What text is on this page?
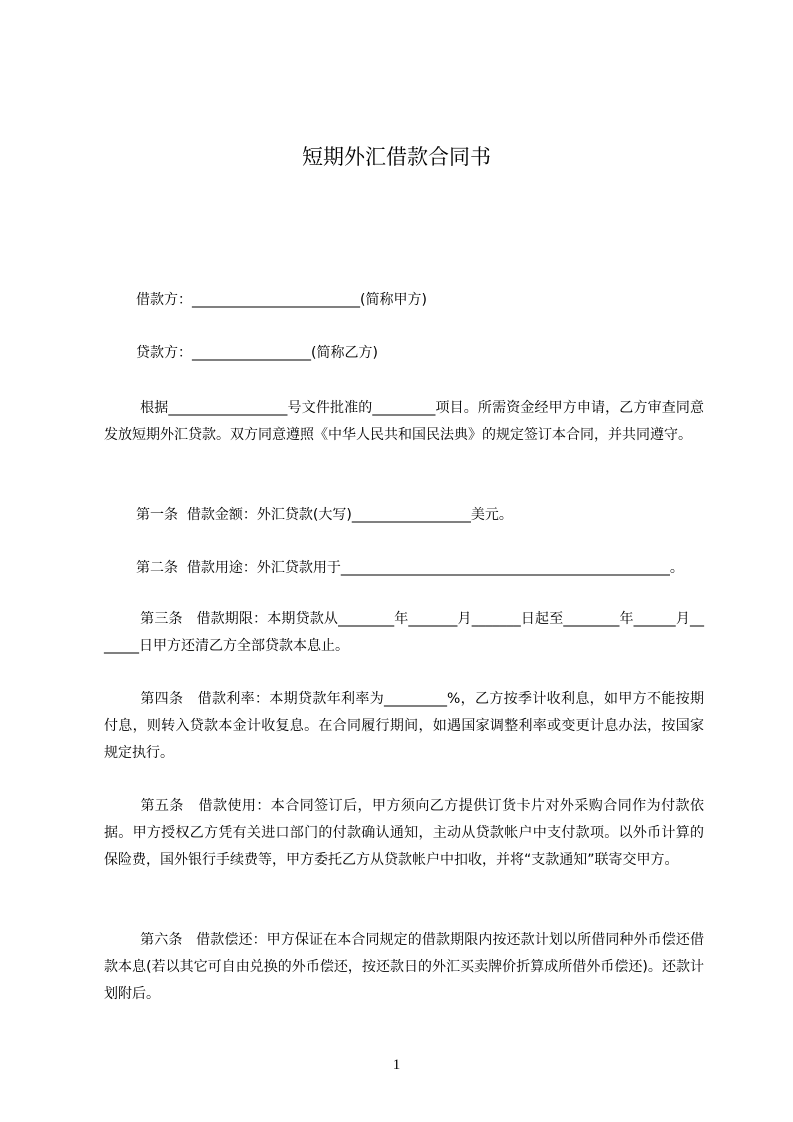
短期外汇借款合同书
借款方：________________________(简称甲方)
贷款方：_________________(简称乙方)
根据_________________号文件批准的_________项目。所需资金经甲方申请，乙方审查同意发放短期外汇贷款。双方同意遵照《中华人民共和国民法典》的规定签订本合同，并共同遵守。
第一条  借款金额：外汇贷款(大写)_________________美元。
第二条  借款用途：外汇贷款用于_______________________________________________。
第三条   借款期限：本期贷款从________年_______月_______日起至________年______月_______日甲方还清乙方全部贷款本息止。
第四条   借款利率：本期贷款年利率为_________%，乙方按季计收利息，如甲方不能按期付息，则转入贷款本金计收复息。在合同履行期间，如遇国家调整利率或变更计息办法，按国家规定执行。
第五条   借款使用：本合同签订后，甲方须向乙方提供订货卡片对外采购合同作为付款依据。甲方授权乙方凭有关进口部门的付款确认通知，主动从贷款帐户中支付款项。以外币计算的保险费，国外银行手续费等，甲方委托乙方从贷款帐户中扣收，并将“支款通知”联寄交甲方。
第六条   借款偿还：甲方保证在本合同规定的借款期限内按还款计划以所借同种外币偿还借款本息(若以其它可自由兑换的外币偿还，按还款日的外汇买卖牌价折算成所借外币偿还)。还款计划附后。
1
